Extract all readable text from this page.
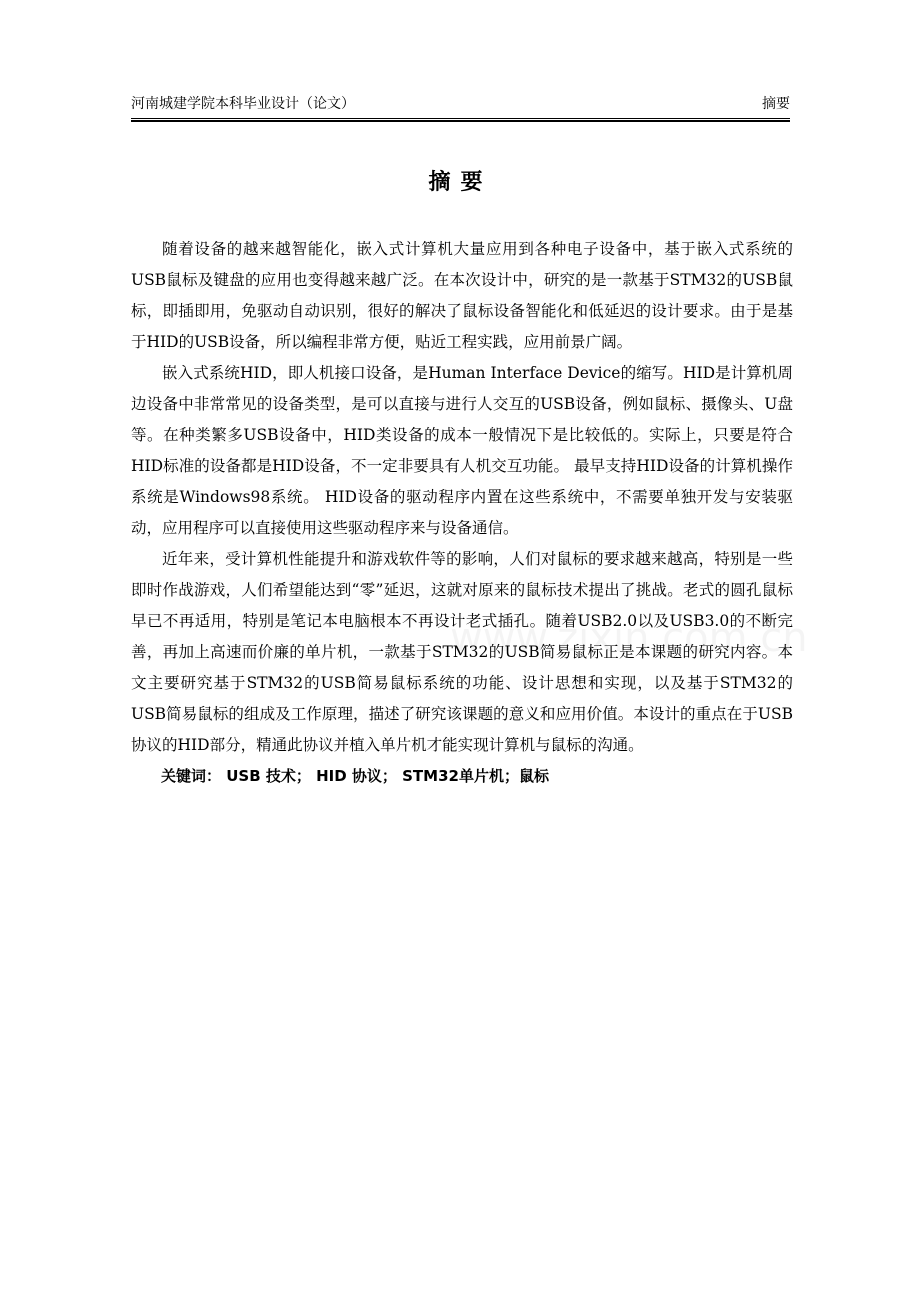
河南城建学院本科毕业设计（论文）	摘要
摘要

随着设备的越来越智能化，嵌入式计算机大量应用到各种电子设备中，基于嵌入式系统的USB鼠标及键盘的应用也变得越来越广泛。在本次设计中，研究的是一款基于STM32的USB鼠标，即插即用，免驱动自动识别，很好的解决了鼠标设备智能化和低延迟的设计要求。由于是基于HID的USB设备，所以编程非常方便，贴近工程实践，应用前景广阔。

嵌入式系统HID，即人机接口设备，是Human Interface Device的缩写。HID是计算机周边设备中非常常见的设备类型，是可以直接与进行人交互的USB设备，例如鼠标、摄像头、U盘等。在种类繁多USB设备中，HID类设备的成本一般情况下是比较低的。实际上，只要是符合HID标准的设备都是HID设备，不一定非要具有人机交互功能。 最早支持HID设备的计算机操作系统是Windows98系统。 HID设备的驱动程序内置在这些系统中，不需要单独开发与安装驱动，应用程序可以直接使用这些驱动程序来与设备通信。

近年来，受计算机性能提升和游戏软件等的影响，人们对鼠标的要求越来越高，特别是一些即时作战游戏，人们希望能达到“零”延迟，这就对原来的鼠标技术提出了挑战。老式的圆孔鼠标早已不再适用，特别是笔记本电脑根本不再设计老式插孔。随着USB2.0以及USB3.0的不断完善，再加上高速而价廉的单片机，一款基于STM32的USB简易鼠标正是本课题的研究内容。本文主要研究基于STM32的USB简易鼠标系统的功能、设计思想和实现，以及基于STM32的USB简易鼠标的组成及工作原理，描述了研究该课题的意义和应用价值。本设计的重点在于USB协议的HID部分，精通此协议并植入单片机才能实现计算机与鼠标的沟通。

关键词： USB 技术； HID 协议； STM32单片机；鼠标
